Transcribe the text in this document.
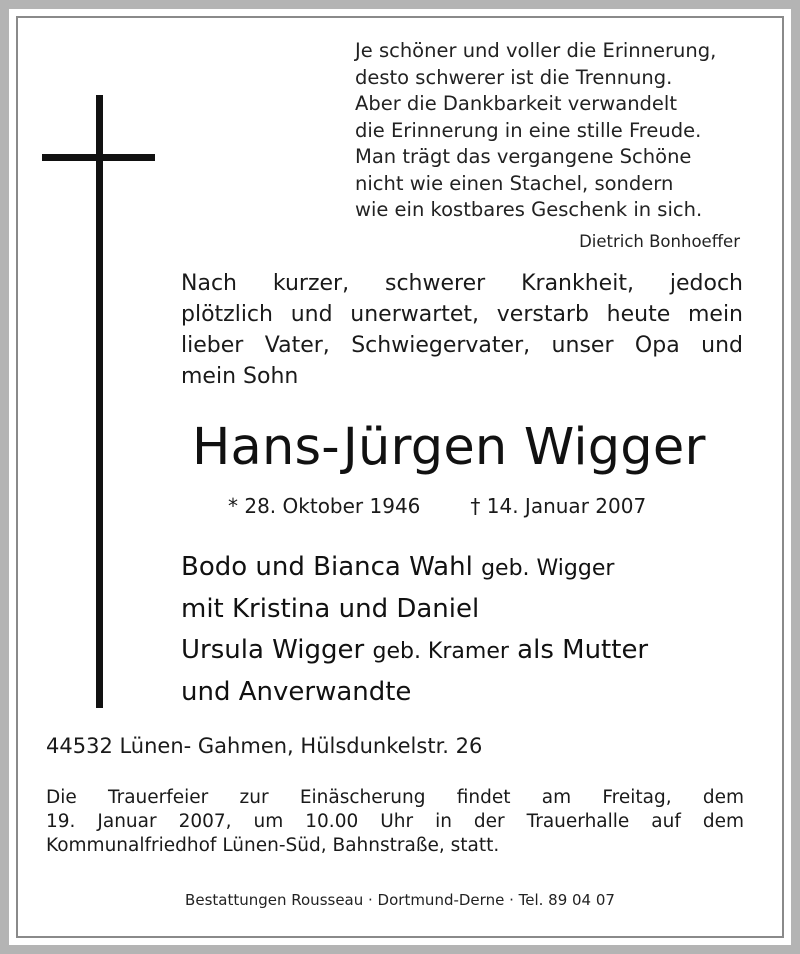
Je schöner und voller die Erinnerung,
desto schwerer ist die Trennung.
Aber die Dankbarkeit verwandelt
die Erinnerung in eine stille Freude.
Man trägt das vergangene Schöne
nicht wie einen Stachel, sondern
wie ein kostbares Geschenk in sich.
Dietrich Bonhoeffer
Nach kurzer, schwerer Krankheit, jedoch
plötzlich und unerwartet, verstarb heute mein
lieber Vater, Schwiegervater, unser Opa und
mein Sohn
Hans-Jürgen Wigger
* 28. Oktober 1946	† 14. Januar 2007
Bodo und Bianca Wahl geb. Wigger
mit Kristina und Daniel
Ursula Wigger geb. Kramer als Mutter
und Anverwandte
44532 Lünen- Gahmen, Hülsdunkelstr. 26
Die Trauerfeier zur Einäscherung findet am Freitag, dem
19. Januar 2007, um 10.00 Uhr in der Trauerhalle auf dem
Kommunalfriedhof Lünen-Süd, Bahnstraße, statt.
Bestattungen Rousseau · Dortmund-Derne · Tel. 89 04 07
